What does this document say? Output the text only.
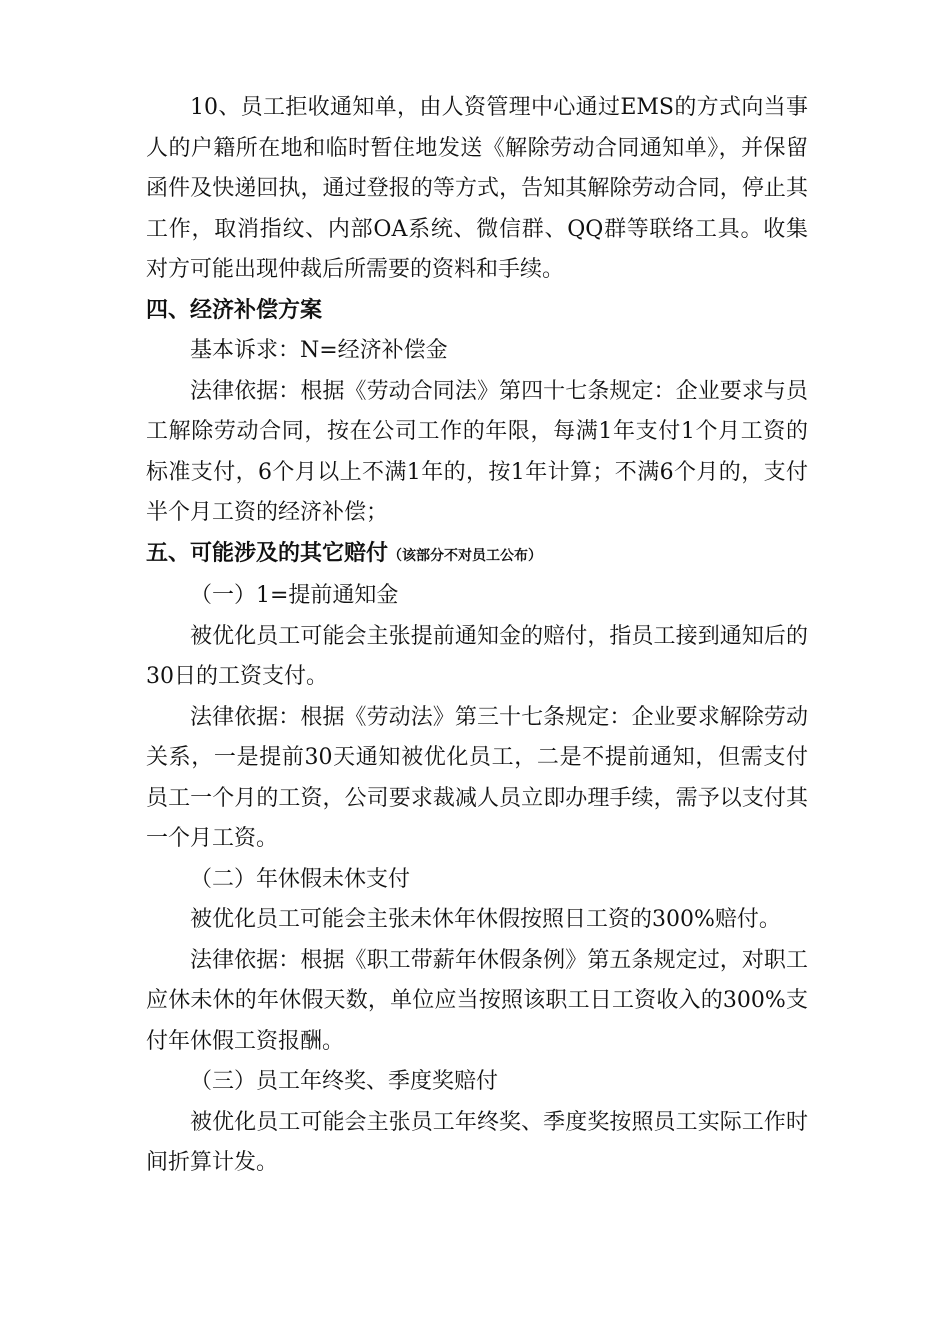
10、员工拒收通知单，由人资管理中心通过EMS的方式向当事人的户籍所在地和临时暂住地发送《解除劳动合同通知单》，并保留函件及快递回执，通过登报的等方式，告知其解除劳动合同，停止其工作，取消指纹、内部OA系统、微信群、QQ群等联络工具。收集对方可能出现仲裁后所需要的资料和手续。

四、经济补偿方案

基本诉求：N=经济补偿金

法律依据：根据《劳动合同法》第四十七条规定：企业要求与员工解除劳动合同，按在公司工作的年限，每满1年支付1个月工资的标准支付，6个月以上不满1年的，按1年计算；不满6个月的，支付半个月工资的经济补偿；

五、可能涉及的其它赔付（该部分不对员工公布）

（一）1=提前通知金

被优化员工可能会主张提前通知金的赔付，指员工接到通知后的30日的工资支付。

法律依据：根据《劳动法》第三十七条规定：企业要求解除劳动关系，一是提前30天通知被优化员工，二是不提前通知，但需支付员工一个月的工资，公司要求裁减人员立即办理手续，需予以支付其一个月工资。

（二）年休假未休支付

被优化员工可能会主张未休年休假按照日工资的300%赔付。

法律依据：根据《职工带薪年休假条例》第五条规定过，对职工应休未休的年休假天数，单位应当按照该职工日工资收入的300%支付年休假工资报酬。

（三）员工年终奖、季度奖赔付

被优化员工可能会主张员工年终奖、季度奖按照员工实际工作时间折算计发。
